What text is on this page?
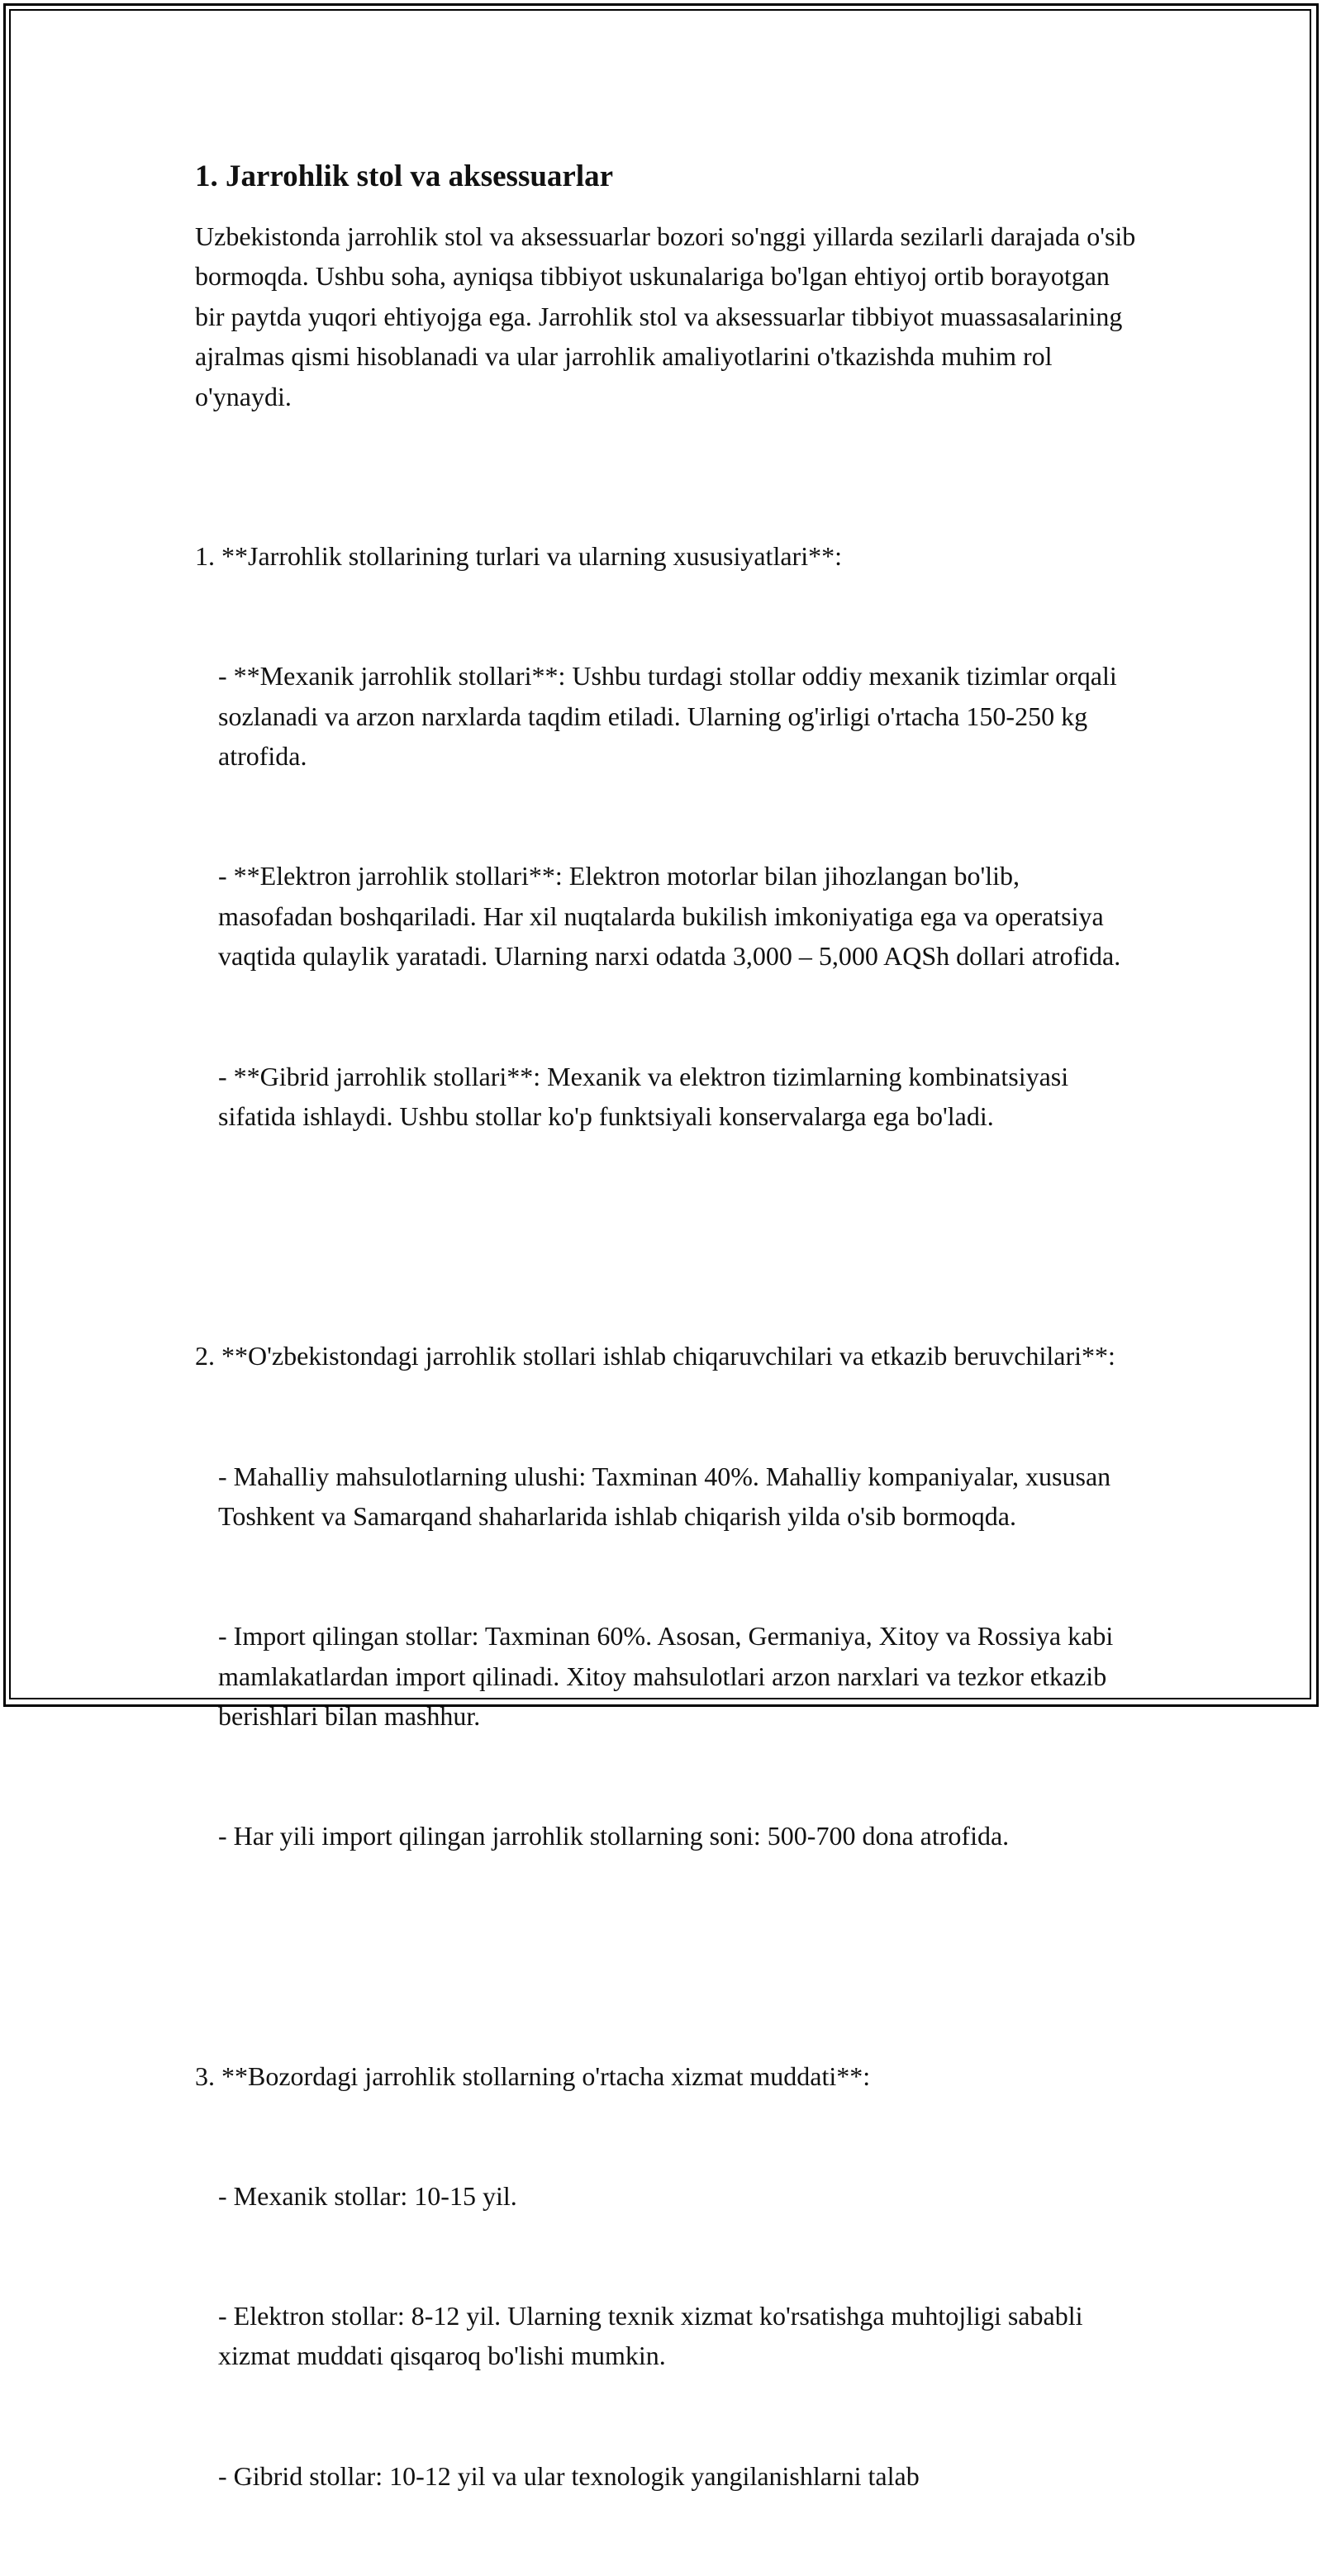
1. Jarrohlik stol va aksessuarlar

Uzbekistonda jarrohlik stol va aksessuarlar bozori so'nggi yillarda sezilarli darajada o'sib bormoqda. Ushbu soha, ayniqsa tibbiyot uskunalariga bo'lgan ehtiyoj ortib borayotgan bir paytda yuqori ehtiyojga ega. Jarrohlik stol va aksessuarlar tibbiyot muassasalarining ajralmas qismi hisoblanadi va ular jarrohlik amaliyotlarini o'tkazishda muhim rol o'ynaydi.

1. **Jarrohlik stollarining turlari va ularning xususiyatlari**:

- **Mexanik jarrohlik stollari**: Ushbu turdagi stollar oddiy mexanik tizimlar orqali sozlanadi va arzon narxlarda taqdim etiladi. Ularning og'irligi o'rtacha 150-250 kg atrofida.

- **Elektron jarrohlik stollari**: Elektron motorlar bilan jihozlangan bo'lib, masofadan boshqariladi. Har xil nuqtalarda bukilish imkoniyatiga ega va operatsiya vaqtida qulaylik yaratadi. Ularning narxi odatda 3,000 – 5,000 AQSh dollari atrofida.

- **Gibrid jarrohlik stollari**: Mexanik va elektron tizimlarning kombinatsiyasi sifatida ishlaydi. Ushbu stollar ko'p funktsiyali konservalarga ega bo'ladi.

2. **O'zbekistondagi jarrohlik stollari ishlab chiqaruvchilari va etkazib beruvchilari**:

- Mahalliy mahsulotlarning ulushi: Taxminan 40%. Mahalliy kompaniyalar, xususan Toshkent va Samarqand shaharlarida ishlab chiqarish yilda o'sib bormoqda.

- Import qilingan stollar: Taxminan 60%. Asosan, Germaniya, Xitoy va Rossiya kabi mamlakatlardan import qilinadi. Xitoy mahsulotlari arzon narxlari va tezkor etkazib berishlari bilan mashhur.

- Har yili import qilingan jarrohlik stollarning soni: 500-700 dona atrofida.

3. **Bozordagi jarrohlik stollarning o'rtacha xizmat muddati**:

- Mexanik stollar: 10-15 yil.

- Elektron stollar: 8-12 yil. Ularning texnik xizmat ko'rsatishga muhtojligi sababli xizmat muddati qisqaroq bo'lishi mumkin.

- Gibrid stollar: 10-12 yil va ular texnologik yangilanishlarni talab
